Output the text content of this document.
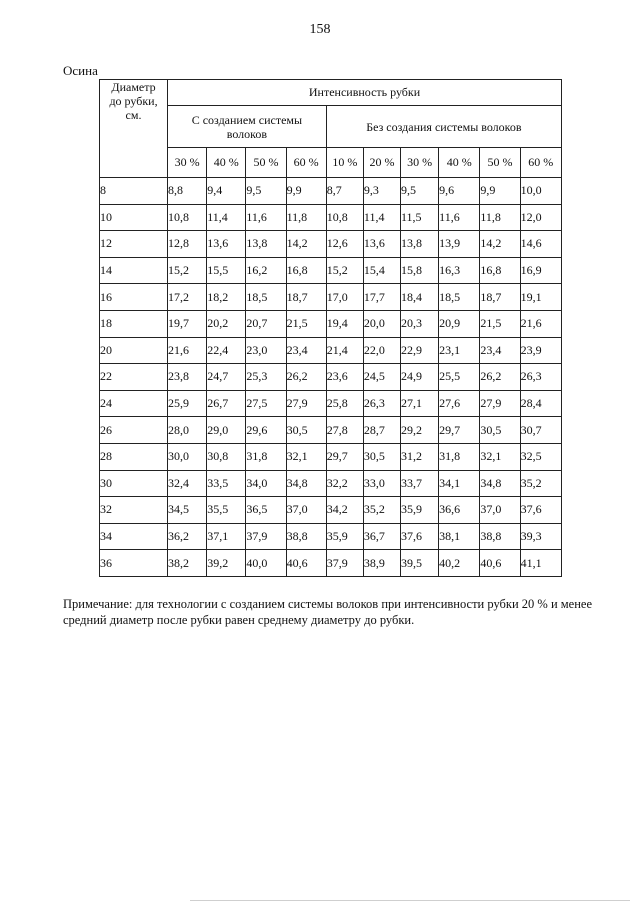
158
Осина
Диаметр
до рубки,
см.	Интенсивность рубки									

	С созданием системы
волоков				Без создания системы волоков					

	30 %	40 %	50 %	60 %	10 %	20 %	30 %	40 %	50 %	60 %
8	8,8	9,4	9,5	9,9	8,7	9,3	9,5	9,6	9,9	10,0
10	10,8	11,4	11,6	11,8	10,8	11,4	11,5	11,6	11,8	12,0
12	12,8	13,6	13,8	14,2	12,6	13,6	13,8	13,9	14,2	14,6
14	15,2	15,5	16,2	16,8	15,2	15,4	15,8	16,3	16,8	16,9
16	17,2	18,2	18,5	18,7	17,0	17,7	18,4	18,5	18,7	19,1
18	19,7	20,2	20,7	21,5	19,4	20,0	20,3	20,9	21,5	21,6
20	21,6	22,4	23,0	23,4	21,4	22,0	22,9	23,1	23,4	23,9
22	23,8	24,7	25,3	26,2	23,6	24,5	24,9	25,5	26,2	26,3
24	25,9	26,7	27,5	27,9	25,8	26,3	27,1	27,6	27,9	28,4
26	28,0	29,0	29,6	30,5	27,8	28,7	29,2	29,7	30,5	30,7
28	30,0	30,8	31,8	32,1	29,7	30,5	31,2	31,8	32,1	32,5
30	32,4	33,5	34,0	34,8	32,2	33,0	33,7	34,1	34,8	35,2
32	34,5	35,5	36,5	37,0	34,2	35,2	35,9	36,6	37,0	37,6
34	36,2	37,1	37,9	38,8	35,9	36,7	37,6	38,1	38,8	39,3
36	38,2	39,2	40,0	40,6	37,9	38,9	39,5	40,2	40,6	41,1
Примечание: для технологии с созданием системы волоков при интенсивности рубки 20 % и менее средний диаметр после рубки равен среднему диаметру до рубки.
